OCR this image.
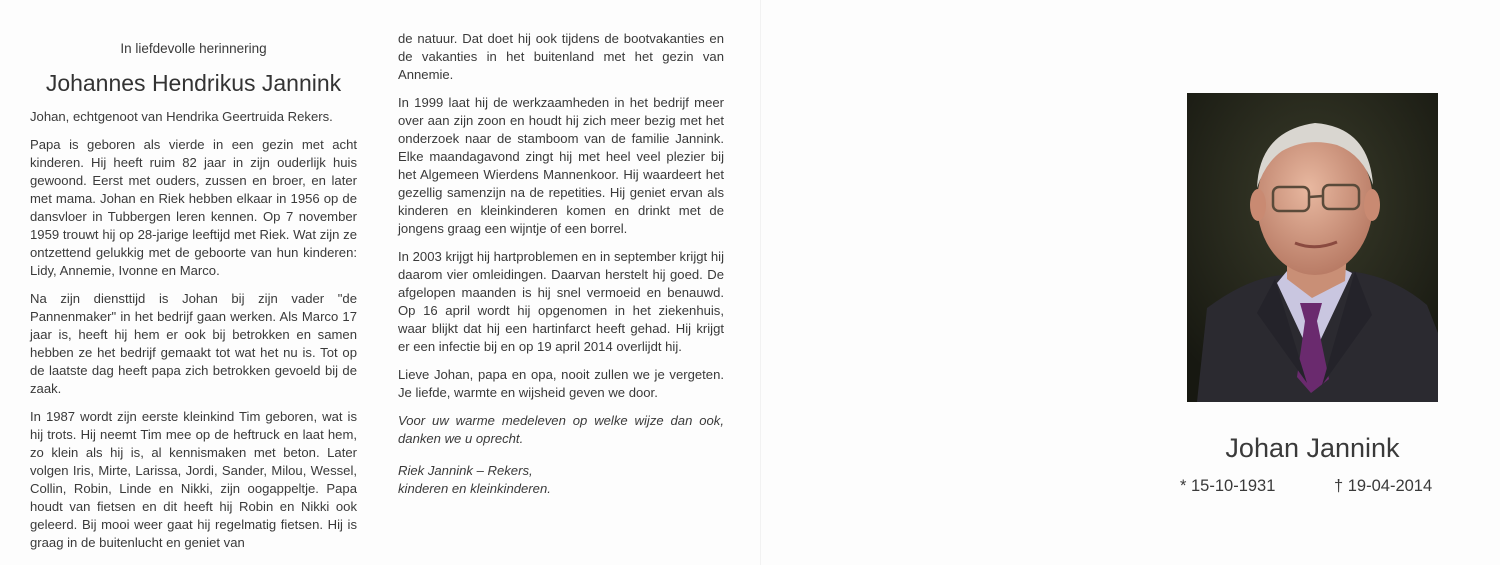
In liefdevolle herinnering

Johannes Hendrikus Jannink

Johan, echtgenoot van Hendrika Geertruida Rekers.

Papa is geboren als vierde in een gezin met acht kinderen. Hij heeft ruim 82 jaar in zijn ouderlijk huis gewoond. Eerst met ouders, zussen en broer, en later met mama. Johan en Riek hebben elkaar in 1956 op de dansvloer in Tubbergen leren kennen. Op 7 november 1959 trouwt hij op 28-jarige leeftijd met Riek. Wat zijn ze ontzettend gelukkig met de geboorte van hun kinderen: Lidy, Annemie, Ivonne en Marco.

Na zijn diensttijd is Johan bij zijn vader "de Pannenmaker" in het bedrijf gaan werken. Als Marco 17 jaar is, heeft hij hem er ook bij betrokken en samen hebben ze het bedrijf gemaakt tot wat het nu is. Tot op de laatste dag heeft papa zich betrokken gevoeld bij de zaak.

In 1987 wordt zijn eerste kleinkind Tim geboren, wat is hij trots. Hij neemt Tim mee op de heftruck en laat hem, zo klein als hij is, al kennismaken met beton. Later volgen Iris, Mirte, Larissa, Jordi, Sander, Milou, Wessel, Collin, Robin, Linde en Nikki, zijn oogappeltje. Papa houdt van fietsen en dit heeft hij Robin en Nikki ook geleerd. Bij mooi weer gaat hij regelmatig fietsen. Hij is graag in de buitenlucht en geniet van

de natuur. Dat doet hij ook tijdens de bootvakanties en de vakanties in het buitenland met het gezin van Annemie.

In 1999 laat hij de werkzaamheden in het bedrijf meer over aan zijn zoon en houdt hij zich meer bezig met het onderzoek naar de stamboom van de familie Jannink. Elke maandagavond zingt hij met heel veel plezier bij het Algemeen Wierdens Mannenkoor. Hij waardeert het gezellig samenzijn na de repetities. Hij geniet ervan als kinderen en kleinkinderen komen en drinkt met de jongens graag een wijntje of een borrel.

In 2003 krijgt hij hartproblemen en in september krijgt hij daarom vier omleidingen. Daarvan herstelt hij goed. De afgelopen maanden is hij snel vermoeid en benauwd. Op 16 april wordt hij opgenomen in het ziekenhuis, waar blijkt dat hij een hartinfarct heeft gehad. Hij krijgt er een infectie bij en op 19 april 2014 overlijdt hij.

Lieve Johan, papa en opa, nooit zullen we je vergeten. Je liefde, warmte en wijsheid geven we door.

Voor uw warme medeleven op welke wijze dan ook, danken we u oprecht.

Riek Jannink – Rekers,
kinderen en kleinkinderen.
Johan Jannink
* 15-10-1931	† 19-04-2014
